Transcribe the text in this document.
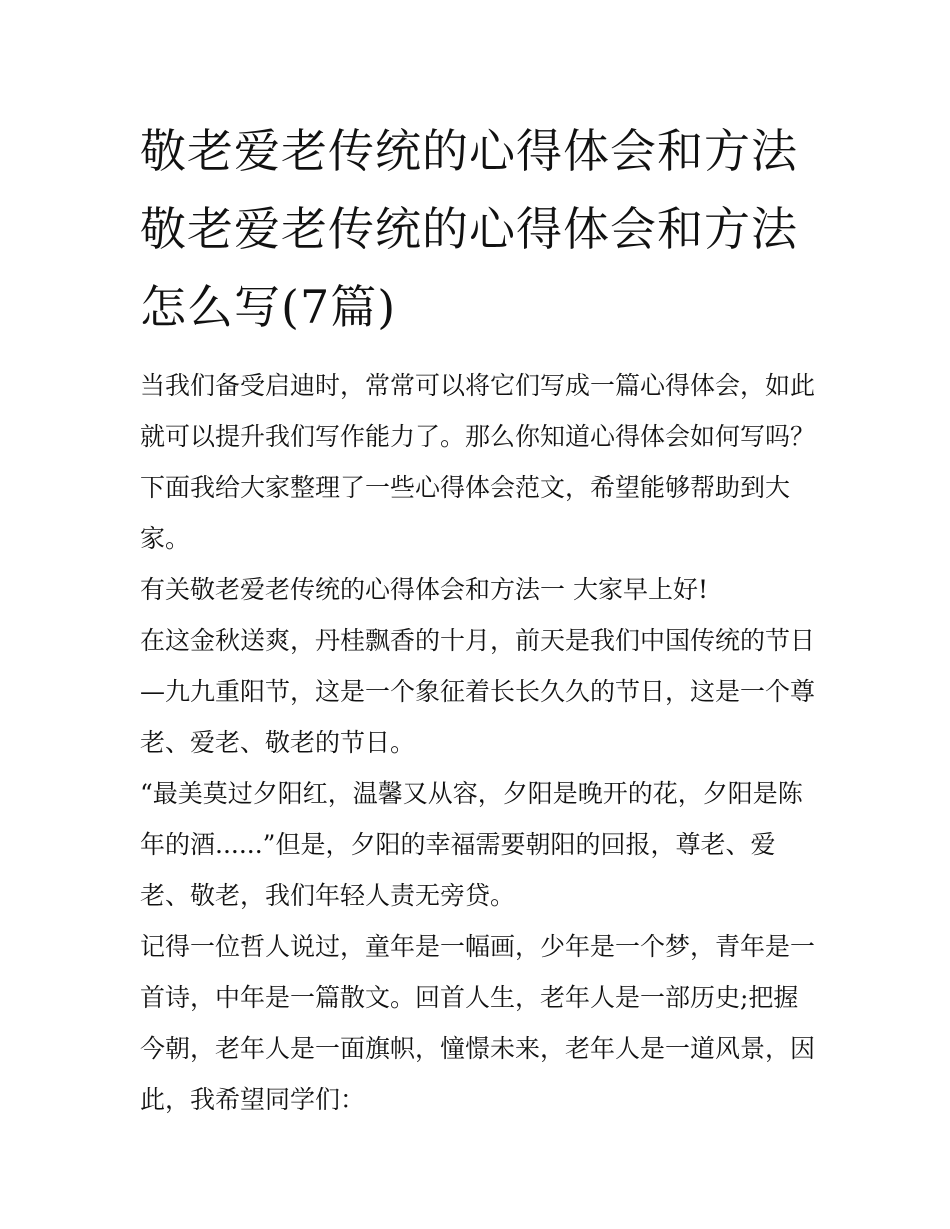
敬老爱老传统的心得体会和方法 敬老爱老传统的心得体会和方法怎么写(7篇)

当我们备受启迪时，常常可以将它们写成一篇心得体会，如此就可以提升我们写作能力了。那么你知道心得体会如何写吗？下面我给大家整理了一些心得体会范文，希望能够帮助到大家。

有关敬老爱老传统的心得体会和方法一 大家早上好!

在这金秋送爽，丹桂飘香的十月，前天是我们中国传统的节日—九九重阳节，这是一个象征着长长久久的节日，这是一个尊老、爱老、敬老的节日。

“最美莫过夕阳红，温馨又从容，夕阳是晚开的花，夕阳是陈年的酒......”但是，夕阳的幸福需要朝阳的回报，尊老、爱老、敬老，我们年轻人责无旁贷。

记得一位哲人说过，童年是一幅画，少年是一个梦，青年是一首诗，中年是一篇散文。回首人生，老年人是一部历史;把握今朝，老年人是一面旗帜，憧憬未来，老年人是一道风景，因此，我希望同学们：
